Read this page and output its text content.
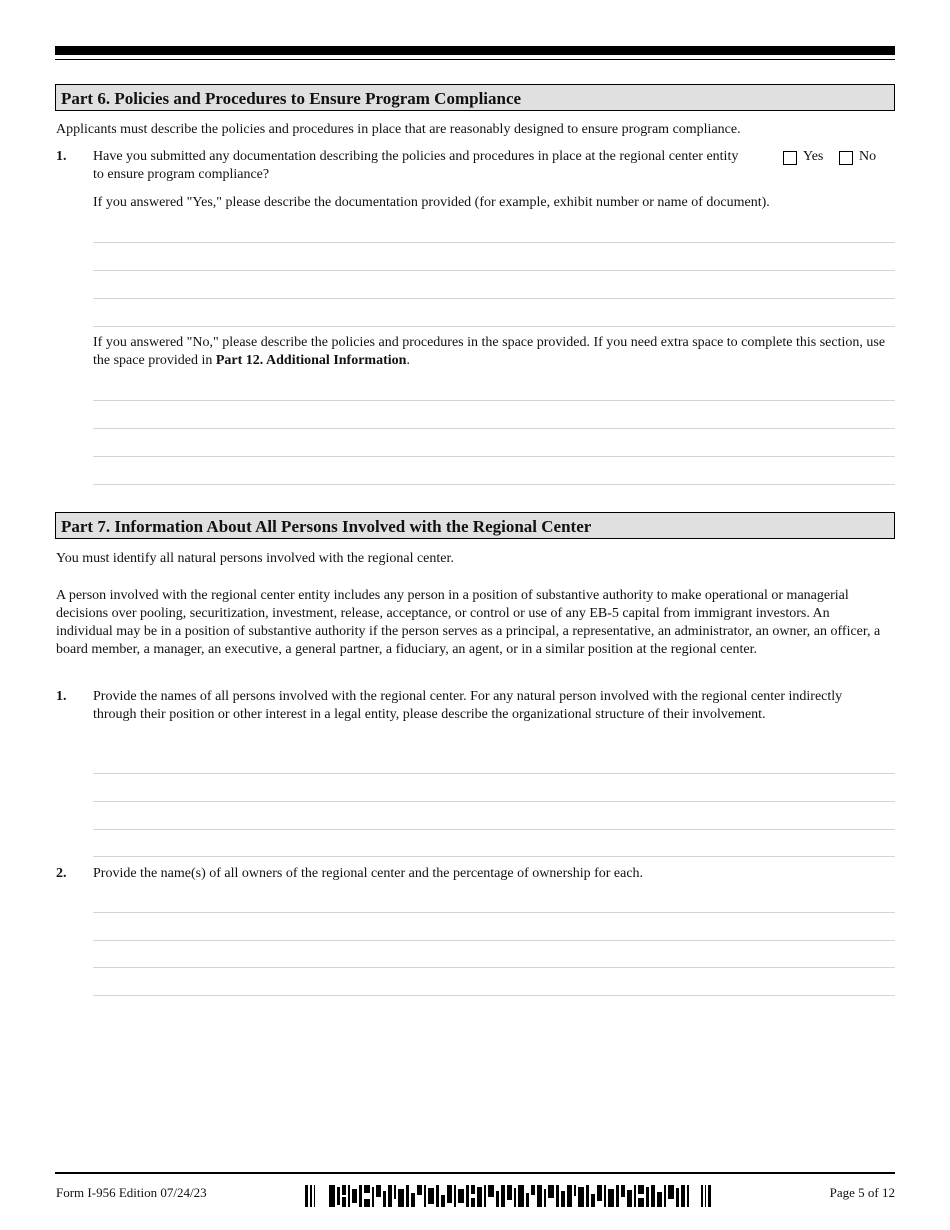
Part 6. Policies and Procedures to Ensure Program Compliance
Applicants must describe the policies and procedures in place that are reasonably designed to ensure program compliance.
1. Have you submitted any documentation describing the policies and procedures in place at the regional center entity to ensure program compliance?
Yes	No
If you answered "Yes," please describe the documentation provided (for example, exhibit number or name of document).
If you answered "No," please describe the policies and procedures in the space provided. If you need extra space to complete this section, use the space provided in Part 12. Additional Information.
Part 7. Information About All Persons Involved with the Regional Center
You must identify all natural persons involved with the regional center.
A person involved with the regional center entity includes any person in a position of substantive authority to make operational or managerial decisions over pooling, securitization, investment, release, acceptance, or control or use of any EB-5 capital from immigrant investors. An individual may be in a position of substantive authority if the person serves as a principal, a representative, an administrator, an owner, an officer, a board member, a manager, an executive, a general partner, a fiduciary, an agent, or in a similar position at the regional center.
1. Provide the names of all persons involved with the regional center. For any natural person involved with the regional center indirectly through their position or other interest in a legal entity, please describe the organizational structure of their involvement.
2. Provide the name(s) of all owners of the regional center and the percentage of ownership for each.
Form I-956 Edition 07/24/23	Page 5 of 12
